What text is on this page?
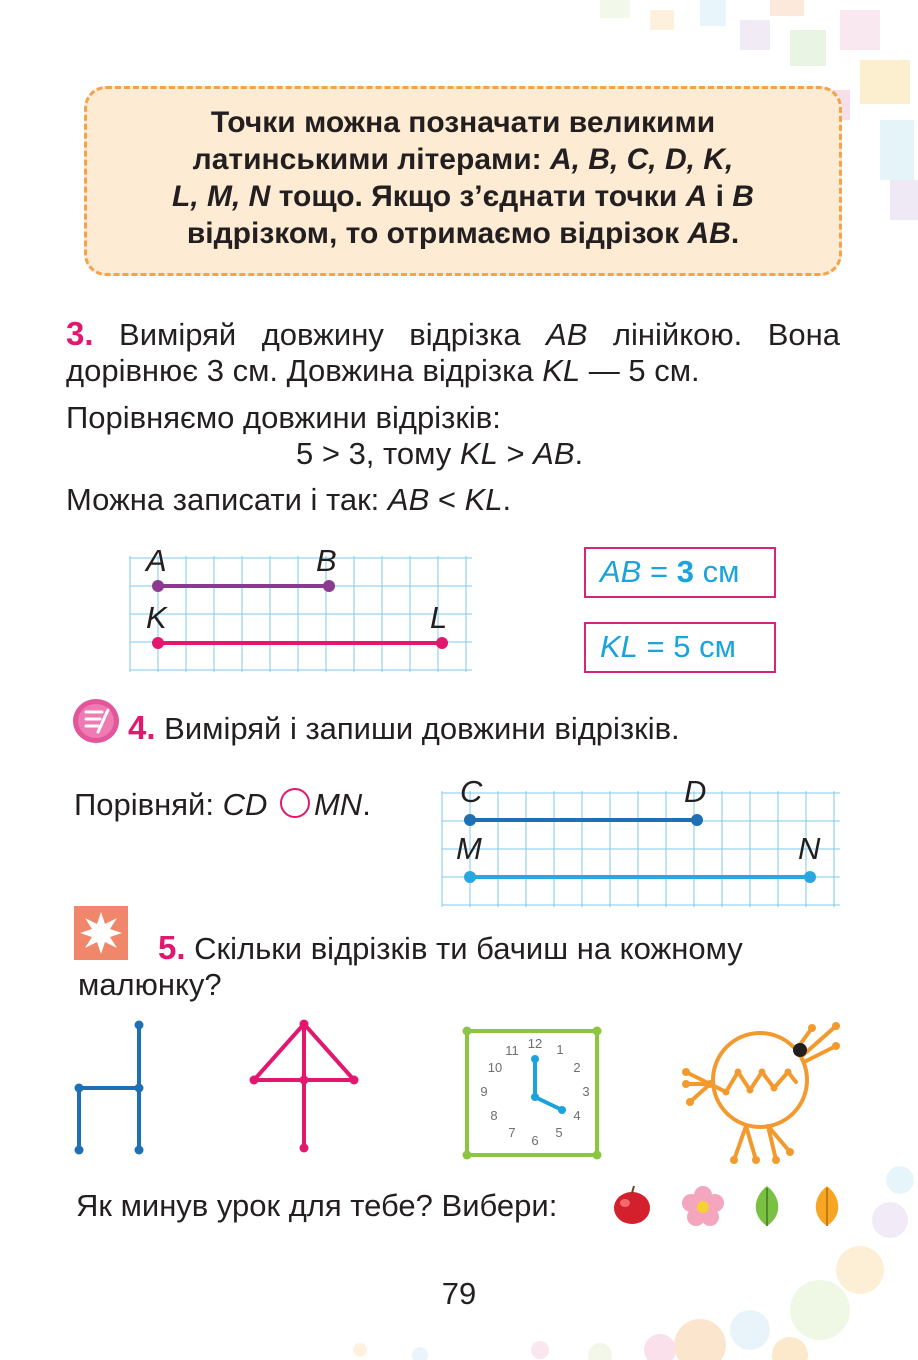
Точки можна позначати великими
латинськими літерами: A, B, C, D, K,
L, M, N тощо. Якщо з’єднати точки A і B
відрізком, то отримаємо відрізок AB.
3. Виміряй довжину відрізка AB лінійкою. Вона
дорівнює 3 см. Довжина відрізка KL — 5 см.
Порівняємо довжини відрізків:
5 > 3, тому KL > AB.
Можна записати і так: AB < KL.
A	B
K	L
AB = 3 см
KL = 5 см
4. Виміряй і запиши довжини відрізків.
Порівняй: CD MN.	C	D
M	N
5. Скільки відрізків ти бачиш на кожному
малюнку?
12 1
2
3
4
5
6
7
8
9
10
11
Як минув урок для тебе? Вибери:
79
